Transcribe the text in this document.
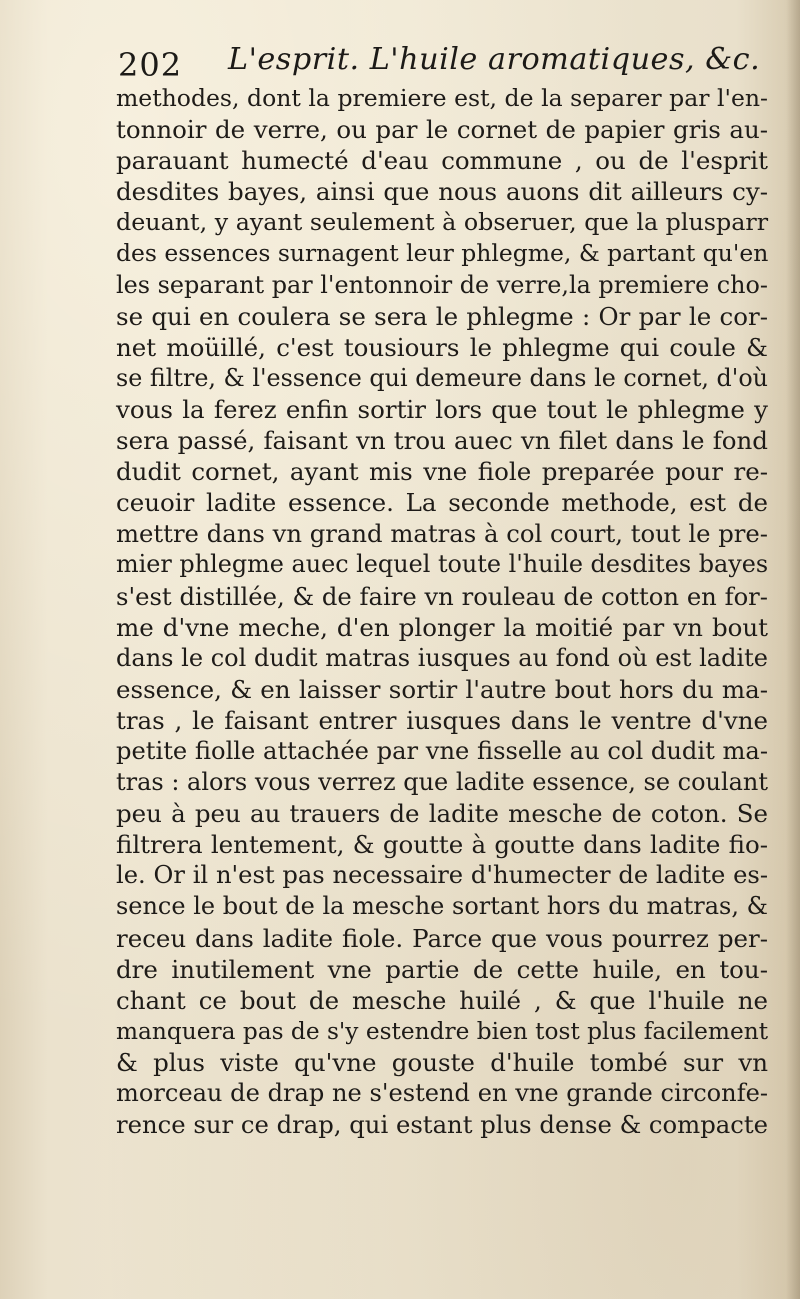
202 L'esprit. L'huile aromatiques, &c.
methodes, dont la premiere est, de la separer par l'en-
tonnoir de verre, ou par le cornet de papier gris au-
parauant humecté d'eau commune , ou de l'esprit
desdites bayes, ainsi que nous auons dit ailleurs cy-
deuant, y ayant seulement à obseruer, que la plusparr
des essences surnagent leur phlegme, & partant qu'en
les separant par l'entonnoir de verre,la premiere cho-
se qui en coulera se sera le phlegme : Or par le cor-
net moüillé, c'est tousiours le phlegme qui coule &
se filtre, & l'essence qui demeure dans le cornet, d'où
vous la ferez enfin sortir lors que tout le phlegme y
sera passé, faisant vn trou auec vn filet dans le fond
dudit cornet, ayant mis vne fiole preparée pour re-
ceuoir ladite essence. La seconde methode, est de
mettre dans vn grand matras à col court, tout le pre-
mier phlegme auec lequel toute l'huile desdites bayes
s'est distillée, & de faire vn rouleau de cotton en for-
me d'vne meche, d'en plonger la moitié par vn bout
dans le col dudit matras iusques au fond où est ladite
essence, & en laisser sortir l'autre bout hors du ma-
tras , le faisant entrer iusques dans le ventre d'vne
petite fiolle attachée par vne fisselle au col dudit ma-
tras : alors vous verrez que ladite essence, se coulant
peu à peu au trauers de ladite mesche de coton. Se
filtrera lentement, & goutte à goutte dans ladite fio-
le. Or il n'est pas necessaire d'humecter de ladite es-
sence le bout de la mesche sortant hors du matras, &
receu dans ladite fiole. Parce que vous pourrez per-
dre inutilement vne partie de cette huile, en tou-
chant ce bout de mesche huilé , & que l'huile ne
manquera pas de s'y estendre bien tost plus facilement
& plus viste qu'vne gouste d'huile tombé sur vn
morceau de drap ne s'estend en vne grande circonfe-
rence sur ce drap, qui estant plus dense & compacte
